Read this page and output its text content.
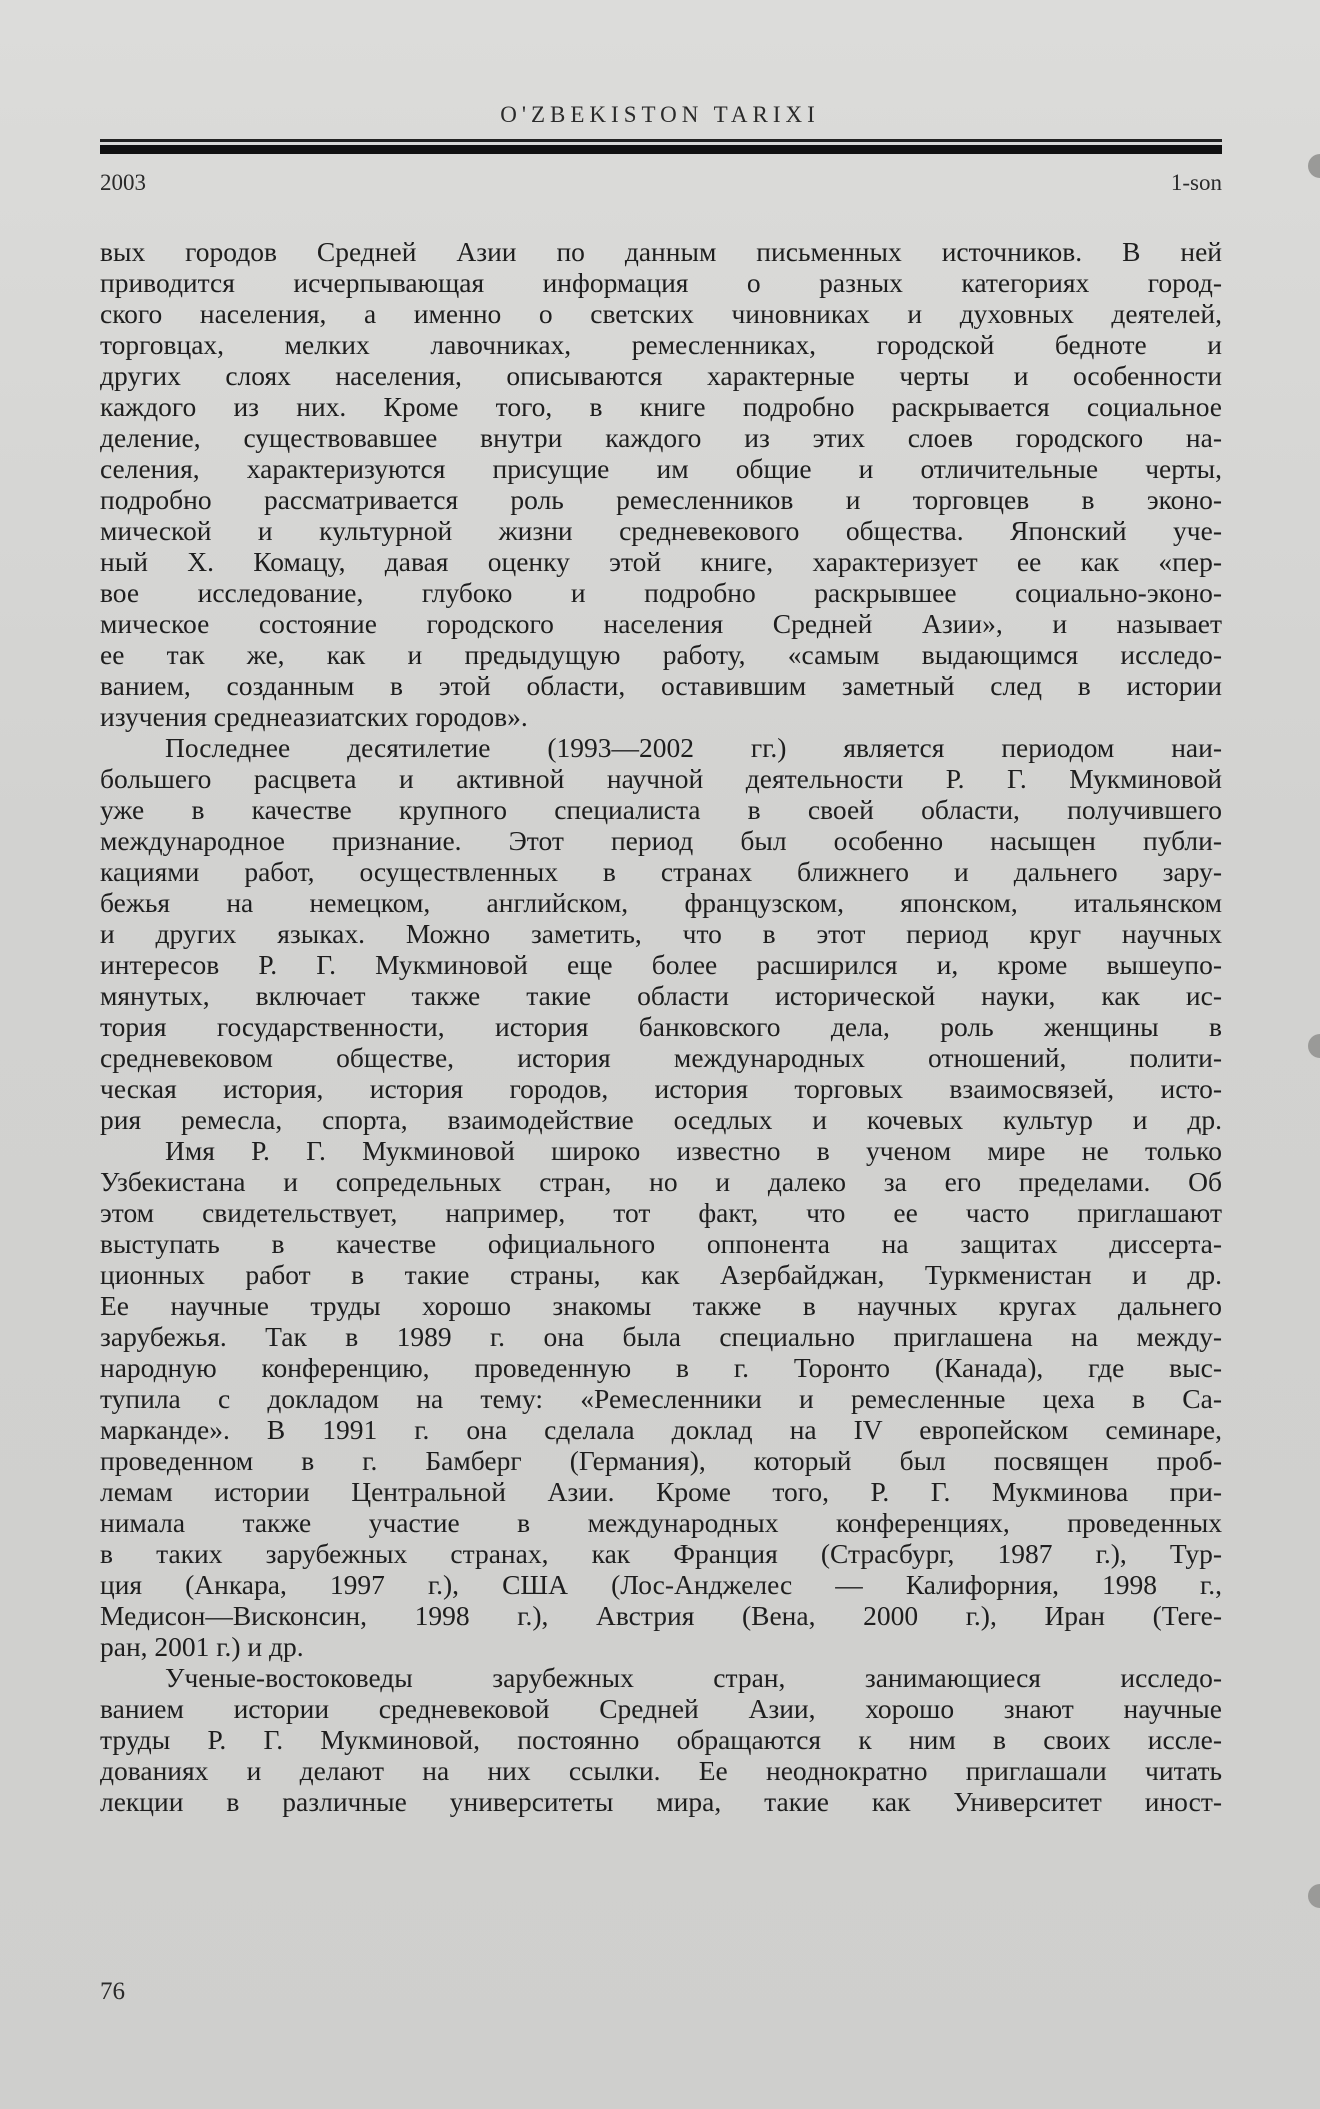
O'ZBEKISTON TARIXI
2003	1-son

вых городов Средней Азии по данным письменных источников. В ней

приводится исчерпывающая информация о разных категориях город-

ского населения, а именно о светских чиновниках и духовных деятелей,

торговцах, мелких лавочниках, ремесленниках, городской бедноте и

других слоях населения, описываются характерные черты и особенности

каждого из них. Кроме того, в книге подробно раскрывается социальное

деление, существовавшее внутри каждого из этих слоев городского на-

селения, характеризуются присущие им общие и отличительные черты,

подробно рассматривается роль ремесленников и торговцев в эконо-

мической и культурной жизни средневекового общества. Японский уче-

ный Х. Комацу, давая оценку этой книге, характеризует ее как «пер-

вое исследование, глубоко и подробно раскрывшее социально-эконо-

мическое состояние городского населения Средней Азии», и называет

ее так же, как и предыдущую работу, «самым выдающимся исследо-

ванием, созданным в этой области, оставившим заметный след в истории

изучения среднеазиатских городов».

Последнее десятилетие (1993—2002 гг.) является периодом наи-

большего расцвета и активной научной деятельности Р. Г. Мукминовой

уже в качестве крупного специалиста в своей области, получившего

международное признание. Этот период был особенно насыщен публи-

кациями работ, осуществленных в странах ближнего и дальнего зару-

бежья на немецком, английском, французском, японском, итальянском

и других языках. Можно заметить, что в этот период круг научных

интересов Р. Г. Мукминовой еще более расширился и, кроме вышеупо-

мянутых, включает также такие области исторической науки, как ис-

тория государственности, история банковского дела, роль женщины в

средневековом обществе, история международных отношений, полити-

ческая история, история городов, история торговых взаимосвязей, исто-

рия ремесла, спорта, взаимодействие оседлых и кочевых культур и др.

Имя Р. Г. Мукминовой широко известно в ученом мире не только

Узбекистана и сопредельных стран, но и далеко за его пределами. Об

этом свидетельствует, например, тот факт, что ее часто приглашают

выступать в качестве официального оппонента на защитах диссерта-

ционных работ в такие страны, как Азербайджан, Туркменистан и др.

Ее научные труды хорошо знакомы также в научных кругах дальнего

зарубежья. Так в 1989 г. она была специально приглашена на между-

народную конференцию, проведенную в г. Торонто (Канада), где выс-

тупила с докладом на тему: «Ремесленники и ремесленные цеха в Са-

марканде». В 1991 г. она сделала доклад на IV европейском семинаре,

проведенном в г. Бамберг (Германия), который был посвящен проб-

лемам истории Центральной Азии. Кроме того, Р. Г. Мукминова при-

нимала также участие в международных конференциях, проведенных

в таких зарубежных странах, как Франция (Страсбург, 1987 г.), Тур-

ция (Анкара, 1997 г.), США (Лос-Анджелес — Калифорния, 1998 г.,

Медисон—Висконсин, 1998 г.), Австрия (Вена, 2000 г.), Иран (Теге-

ран, 2001 г.) и др.

Ученые-востоковеды зарубежных стран, занимающиеся исследо-

ванием истории средневековой Средней Азии, хорошо знают научные

труды Р. Г. Мукминовой, постоянно обращаются к ним в своих иссле-

дованиях и делают на них ссылки. Ее неоднократно приглашали читать

лекции в различные университеты мира, такие как Университет иност-

76
